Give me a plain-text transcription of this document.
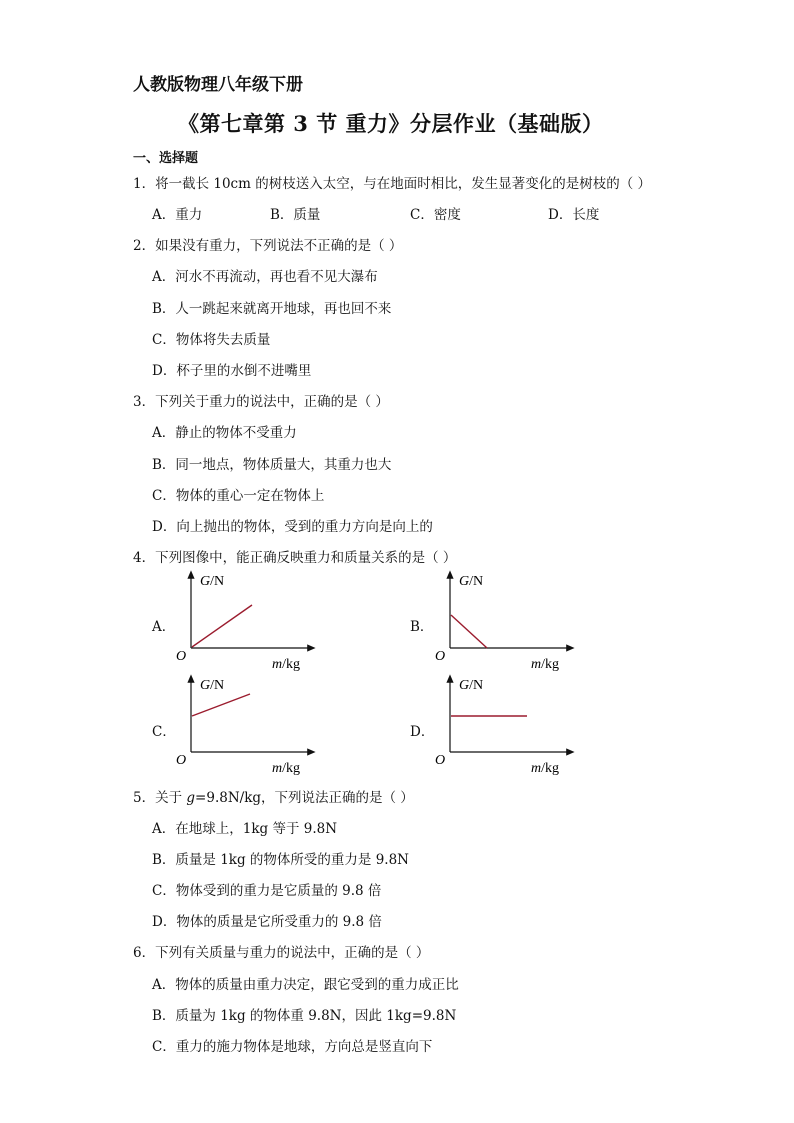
人教版物理八年级下册
《第七章第 3 节 重力》分层作业（基础版）
一、选择题
1．将一截长 10cm 的树枝送入太空，与在地面时相比，发生显著变化的是树枝的（ ）
A．重力	B．质量	C．密度	D．长度
2．如果没有重力，下列说法不正确的是（ ）
A．河水不再流动，再也看不见大瀑布
B．人一跳起来就离开地球，再也回不来
C．物体将失去质量
D．杯子里的水倒不进嘴里
3．下列关于重力的说法中，正确的是（ ）
A．静止的物体不受重力
B．同一地点，物体质量大，其重力也大
C．物体的重心一定在物体上
D．向上抛出的物体，受到的重力方向是向上的
4．下列图像中，能正确反映重力和质量关系的是（ ）
A．	B．
C．	D．
G/N
O
m/kg
G/N
O
m/kg
G/N
O
m/kg
G/N
O
m/kg
5．关于 g=9.8N/kg，下列说法正确的是（ ）
A．在地球上，1kg 等于 9.8N
B．质量是 1kg 的物体所受的重力是 9.8N
C．物体受到的重力是它质量的 9.8 倍
D．物体的质量是它所受重力的 9.8 倍
6．下列有关质量与重力的说法中，正确的是（ ）
A．物体的质量由重力决定，跟它受到的重力成正比
B．质量为 1kg 的物体重 9.8N，因此 1kg=9.8N
C．重力的施力物体是地球，方向总是竖直向下
